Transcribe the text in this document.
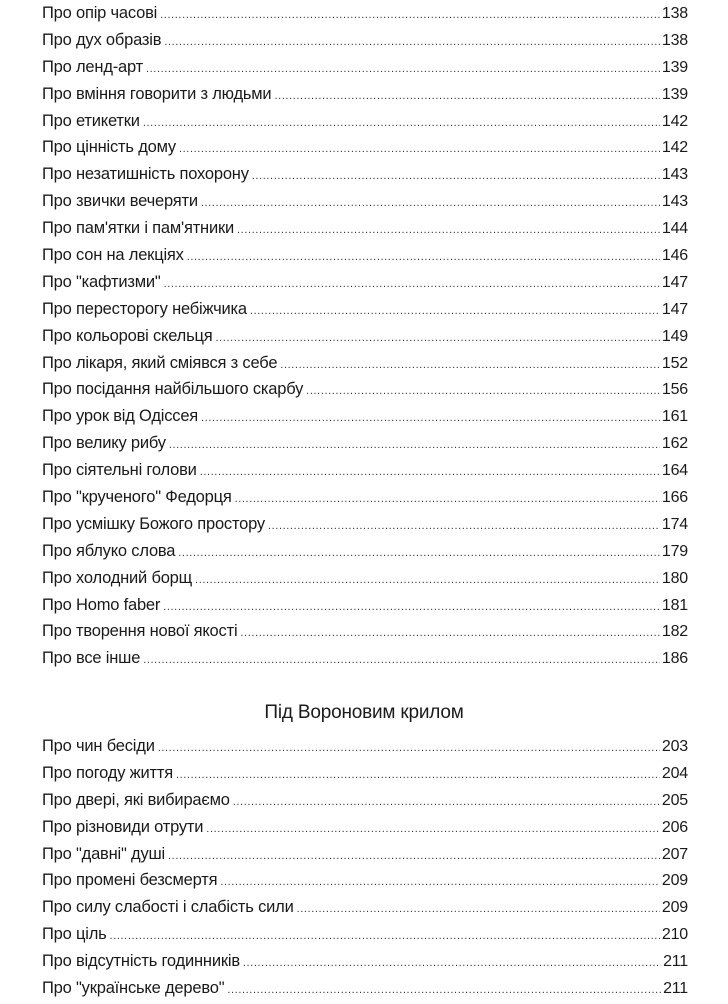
Про опір часові .....	138
Про дух образів .....	138
Про ленд-арт .....	139
Про вміння говорити з людьми .....	139
Про етикетки .....	142
Про цінність дому .....	142
Про незатишність похорону .....	143
Про звички вечеряти .....	143
Про пам'ятки і пам'ятники .....	144
Про сон на лекціях .....	146
Про "кафтизми" .....	147
Про пересторогу небіжчика .....	147
Про кольорові скельця .....	149
Про лікаря, який сміявся з себе .....	152
Про посідання найбільшого скарбу .....	156
Про урок від Одіссея .....	161
Про велику рибу .....	162
Про сіятельні голови .....	164
Про "крученого" Федорця .....	166
Про усмішку Божого простору .....	174
Про яблуко слова .....	179
Про холодний борщ .....	180
Про Homo faber .....	181
Про творення нової якості .....	182
Про все інше .....	186
Під Вороновим крилом
Про чин бесіди .....	203
Про погоду життя .....	204
Про двері, які вибираємо .....	205
Про різновиди отрути .....	206
Про "давні" душі .....	207
Про промені безсмертя .....	209
Про силу слабості і слабість сили .....	209
Про ціль .....	210
Про відсутність годинників .....	211
Про "українське дерево" .....	211
